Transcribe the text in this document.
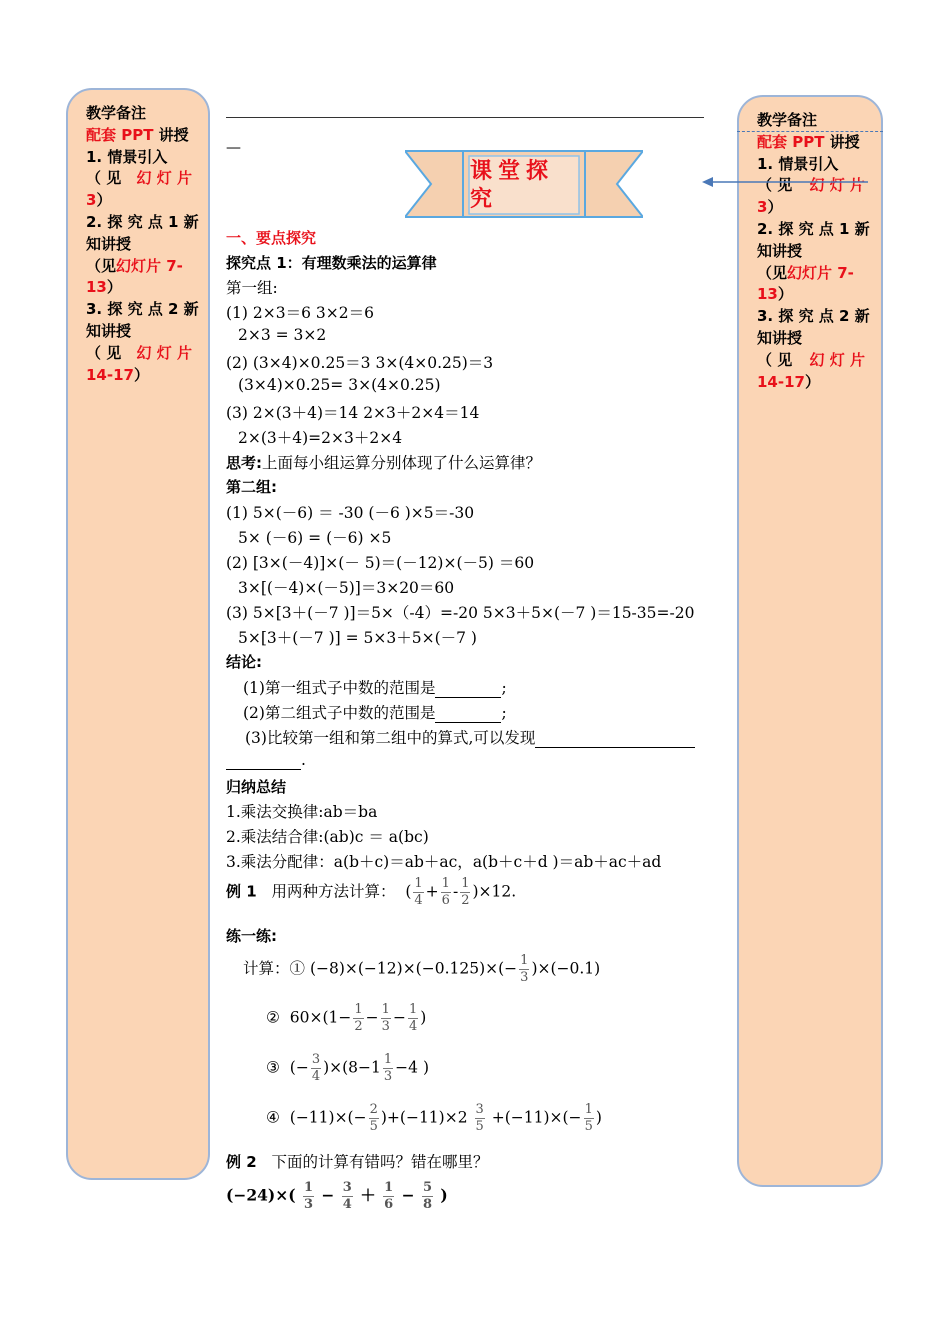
教学备注
配套 PPT 讲授
1. 情景引入
（ 见 幻 灯 片
3）
2. 探 究 点 1 新
知讲授
（见幻灯片 7-
13）
3. 探 究 点 2 新
知讲授
（ 见 幻 灯 片
14-17）
教学备注
配套 PPT 讲授
1. 情景引入
（ 见 幻 灯 片
3）
2. 探 究 点 1 新
知讲授
（见幻灯片 7-
13）
3. 探 究 点 2 新
知讲授
（ 见 幻 灯 片
14-17）
—
课堂探究
一、要点探究
探究点 1：有理数乘法的运算律
第一组:
(1) 2×3＝6 3×2＝6
2×3 = 3×2
(2) (3×4)×0.25＝3 3×(4×0.25)＝3
(3×4)×0.25= 3×(4×0.25)
(3) 2×(3＋4)＝14 2×3＋2×4＝14
2×(3＋4)=2×3＋2×4
思考:上面每小组运算分别体现了什么运算律？
第二组:
(1) 5×(－6) ＝ -30 (－6 )×5＝-30
5× (－6) = (－6) ×5
(2) [3×(－4)]×(－ 5)＝(－12)×(－5) ＝60
3×[(－4)×(－5)]＝3×20＝60
(3) 5×[3＋(－7 )]＝5×（-4）=-20 5×3＋5×(－7 )＝15-35=-20
5×[3＋(－7 )] = 5×3＋5×(－7 )
结论:
(1)第一组式子中数的范围是	;
(2)第二组式子中数的范围是	;
(3)比较第一组和第二组中的算式,可以发现
.
归纳总结
1.乘法交换律:ab＝ba
2.乘法结合律:(ab)c ＝ a(bc)
3.乘法分配律：a(b＋c)＝ab＋ac，a(b＋c＋d )＝ab＋ac＋ad
例 1 用两种方法计算：  ( $\frac{1}{4} + \frac{1}{6} - \frac{1}{2} )\times 12$.
练一练:
计算：① $(-8)\times(-12)\times(-0.125)\times(- \frac{1}{3} )\times(-0.1)$
② $60\times(1- \frac{1}{2} - \frac{1}{3} - \frac{1}{4}$ )
③ (− $\frac{3}{4} )\times(8-1 \frac{1}{3} -4$ )
④ $(-11)\times(- \frac{2}{5} )+(-11)\times 2 \frac{3}{5} +(-11)\times(- \frac{1}{5}$ )
例 2 下面的计算有错吗？错在哪里？
$(-24)\times( \frac{1}{3} - \frac{3}{4} + \frac{1}{6} - \frac{5}{8}$ )
